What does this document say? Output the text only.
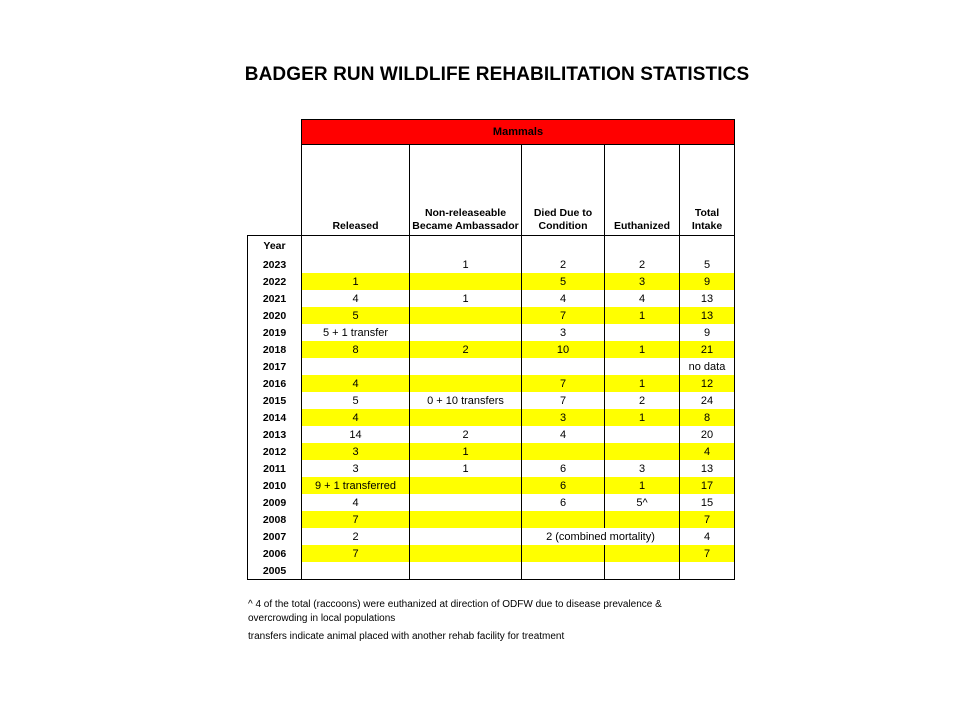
BADGER RUN WILDLIFE REHABILITATION STATISTICS
	Mammals				
	Released	Non-releaseable Became Ambassador	Died Due to Condition	Euthanized	Total Intake
Year					
2023		1	2	2	5
2022	1		5	3	9
2021	4	1	4	4	13
2020	5		7	1	13
2019	5 + 1 transfer		3		9
2018	8	2	10	1	21
2017					no data
2016	4		7	1	12
2015	5	0 + 10 transfers	7	2	24
2014	4		3	1	8
2013	14	2	4		20
2012	3	1			4
2011	3	1	6	3	13
2010	9 + 1 transferred		6	1	17
2009	4		6	5^	15
2008	7				7
2007	2		2 (combined mortality)		4
2006	7				7
2005					

^ 4 of the total (raccoons) were euthanized at direction of ODFW due to disease prevalence & overcrowding in local populations

transfers indicate animal placed with another rehab facility for treatment
